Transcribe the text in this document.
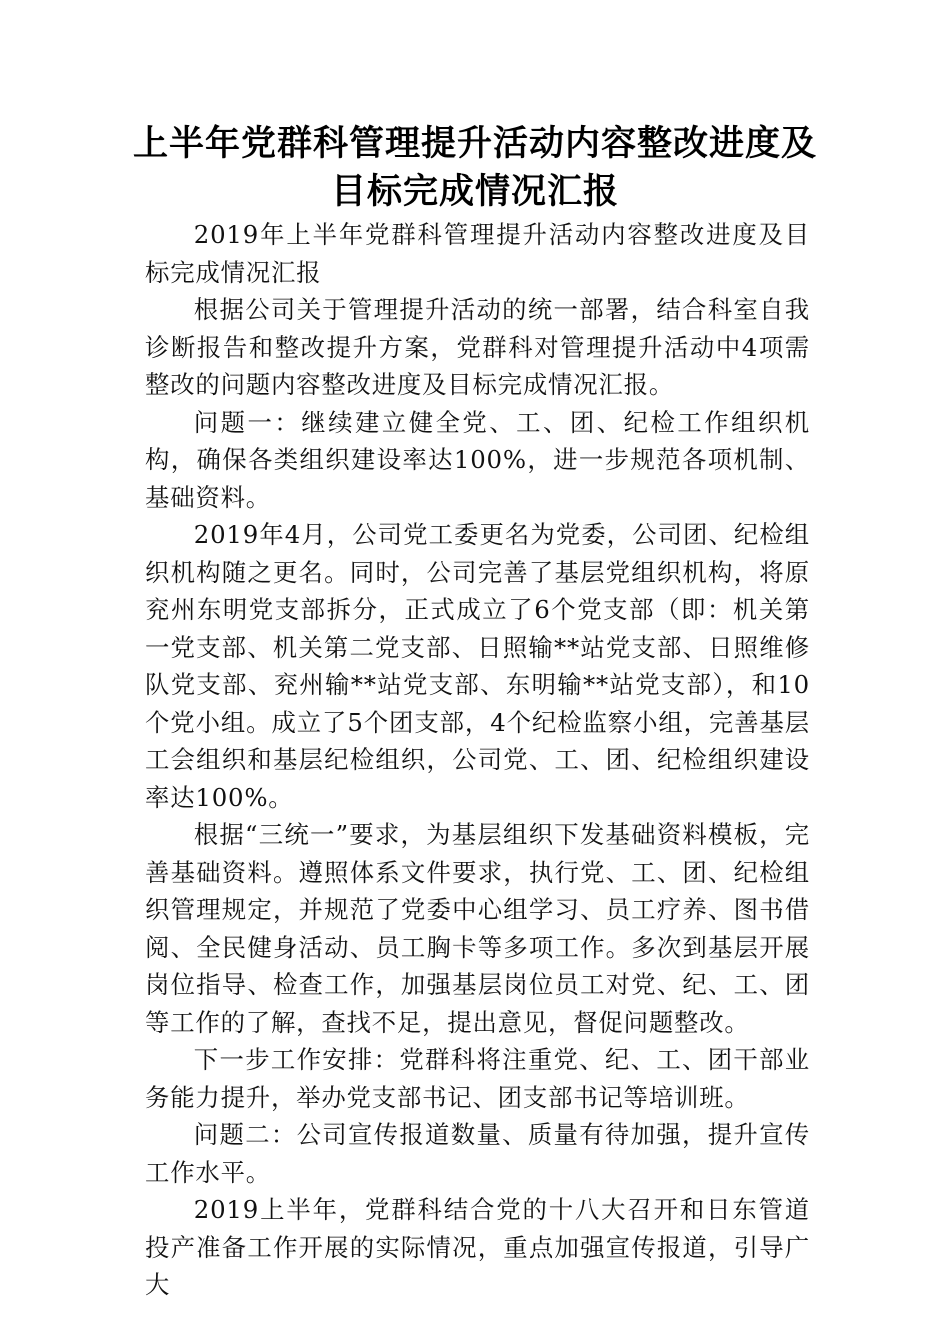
上半年党群科管理提升活动内容整改进度及
目标完成情况汇报

2019年上半年党群科管理提升活动内容整改进度及目标完成情况汇报

根据公司关于管理提升活动的统一部署，结合科室自我诊断报告和整改提升方案，党群科对管理提升活动中4项需整改的问题内容整改进度及目标完成情况汇报。

问题一：继续建立健全党、工、团、纪检工作组织机构，确保各类组织建设率达100%，进一步规范各项机制、基础资料。

2019年4月，公司党工委更名为党委，公司团、纪检组织机构随之更名。同时，公司完善了基层党组织机构，将原兖州东明党支部拆分，正式成立了6个党支部（即：机关第一党支部、机关第二党支部、日照输**站党支部、日照维修队党支部、兖州输**站党支部、东明输**站党支部），和10个党小组。成立了5个团支部，4个纪检监察小组，完善基层工会组织和基层纪检组织，公司党、工、团、纪检组织建设率达100%。

根据“三统一”要求，为基层组织下发基础资料模板，完善基础资料。遵照体系文件要求，执行党、工、团、纪检组织管理规定，并规范了党委中心组学习、员工疗养、图书借阅、全民健身活动、员工胸卡等多项工作。多次到基层开展岗位指导、检查工作，加强基层岗位员工对党、纪、工、团等工作的了解，查找不足，提出意见，督促问题整改。

下一步工作安排：党群科将注重党、纪、工、团干部业务能力提升，举办党支部书记、团支部书记等培训班。

问题二：公司宣传报道数量、质量有待加强，提升宣传工作水平。

2019上半年，党群科结合党的十八大召开和日东管道投产准备工作开展的实际情况，重点加强宣传报道，引导广大
